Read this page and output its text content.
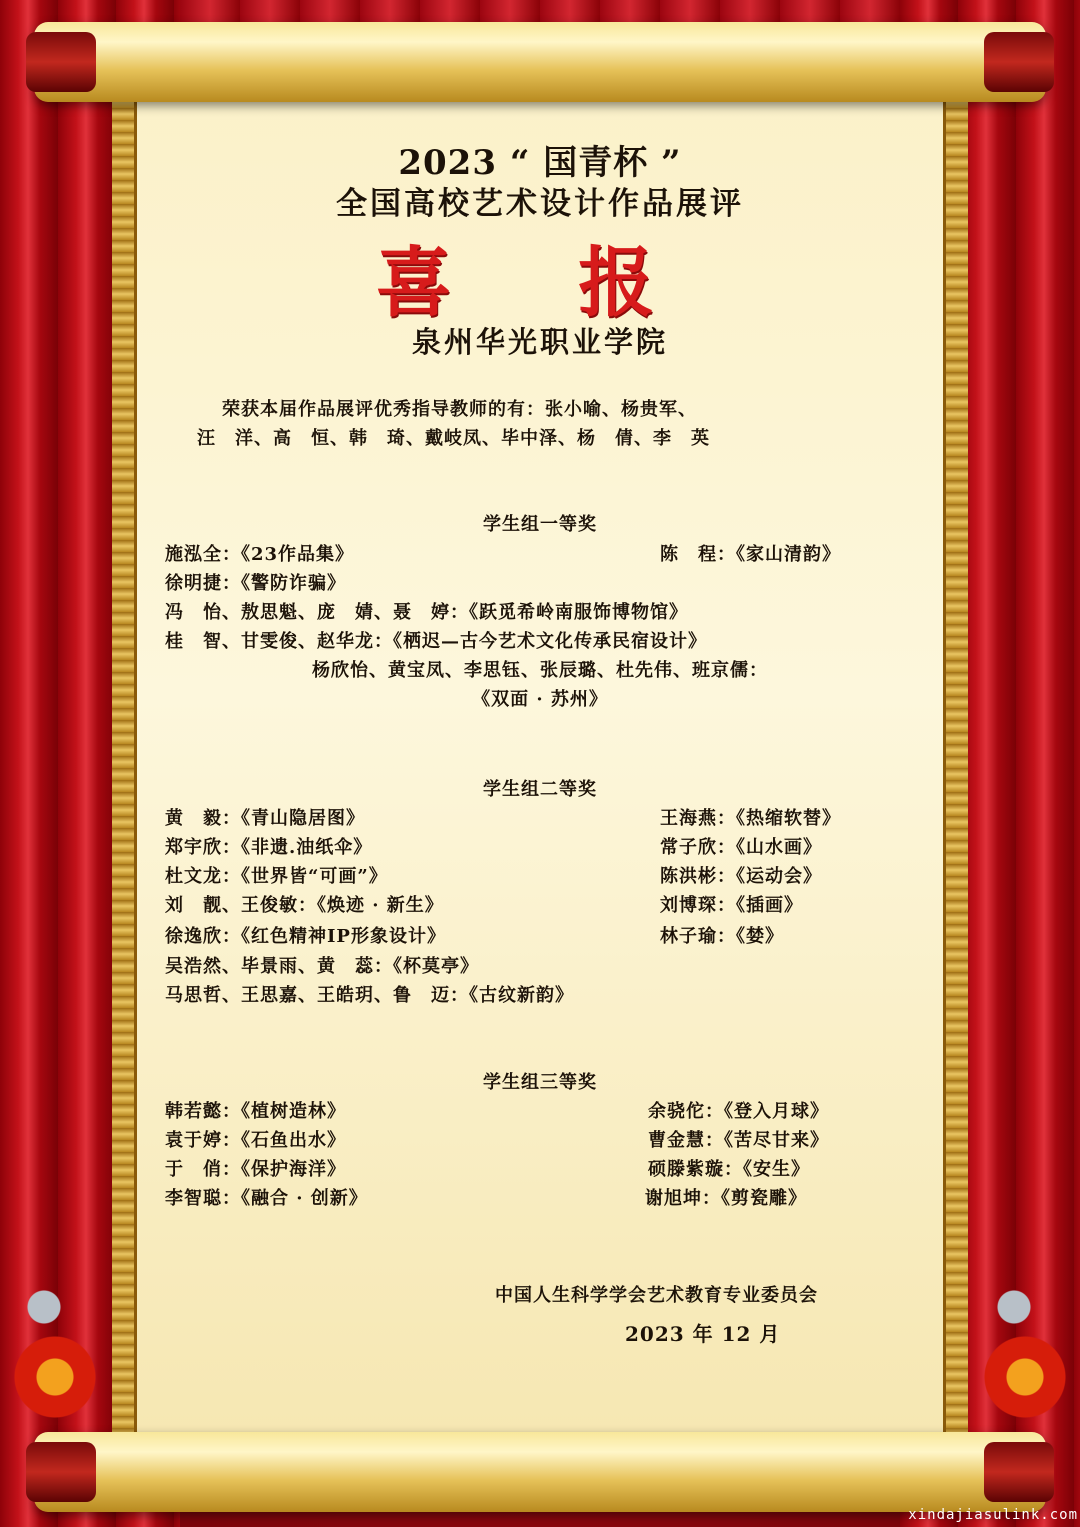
2023 “ 国青杯 ”
全国高校艺术设计作品展评
喜 报
泉州华光职业学院
荣获本届作品展评优秀指导教师的有：张小喻、杨贵军、
汪　洋、高　恒、韩　琦、戴岐凤、毕中泽、杨　倩、李　英
学生组一等奖
施泓全：《23作品集》	陈　程：《家山清韵》
徐明捷：《警防诈骗》
冯　怡、敖思魁、庞　婧、聂　婷：《跃觅希岭南服饰博物馆》
桂　智、甘雯俊、赵华龙：《栖迟—古今艺术文化传承民宿设计》
杨欣怡、黄宝凤、李思钰、张辰璐、杜先伟、班京儒：
《双面 · 苏州》
学生组二等奖
黄　毅：《青山隐居图》	王海燕：《热缩软替》
郑宇欣：《非遗.油纸伞》	常子欣：《山水画》
杜文龙：《世界皆“可画”》	陈洪彬：《运动会》
刘　靓、王俊敏：《焕迹 · 新生》	刘博琛：《插画》
徐逸欣：《红色精神IP形象设计》	林子瑜：《婪》
吴浩然、毕景雨、黄　蕊：《杯莫亭》
马思哲、王思嘉、王皓玥、鲁　迈：《古纹新韵》
学生组三等奖
韩若懿：《植树造林》	余骁佗：《登入月球》
袁于婷：《石鱼出水》	曹金慧：《苦尽甘来》
于　俏：《保护海洋》	硕滕紫璇：《安生》
李智聪：《融合 · 创新》	谢旭坤：《剪瓷雕》
中国人生科学学会艺术教育专业委员会
2023 年 12 月
xindajiasulink.com
